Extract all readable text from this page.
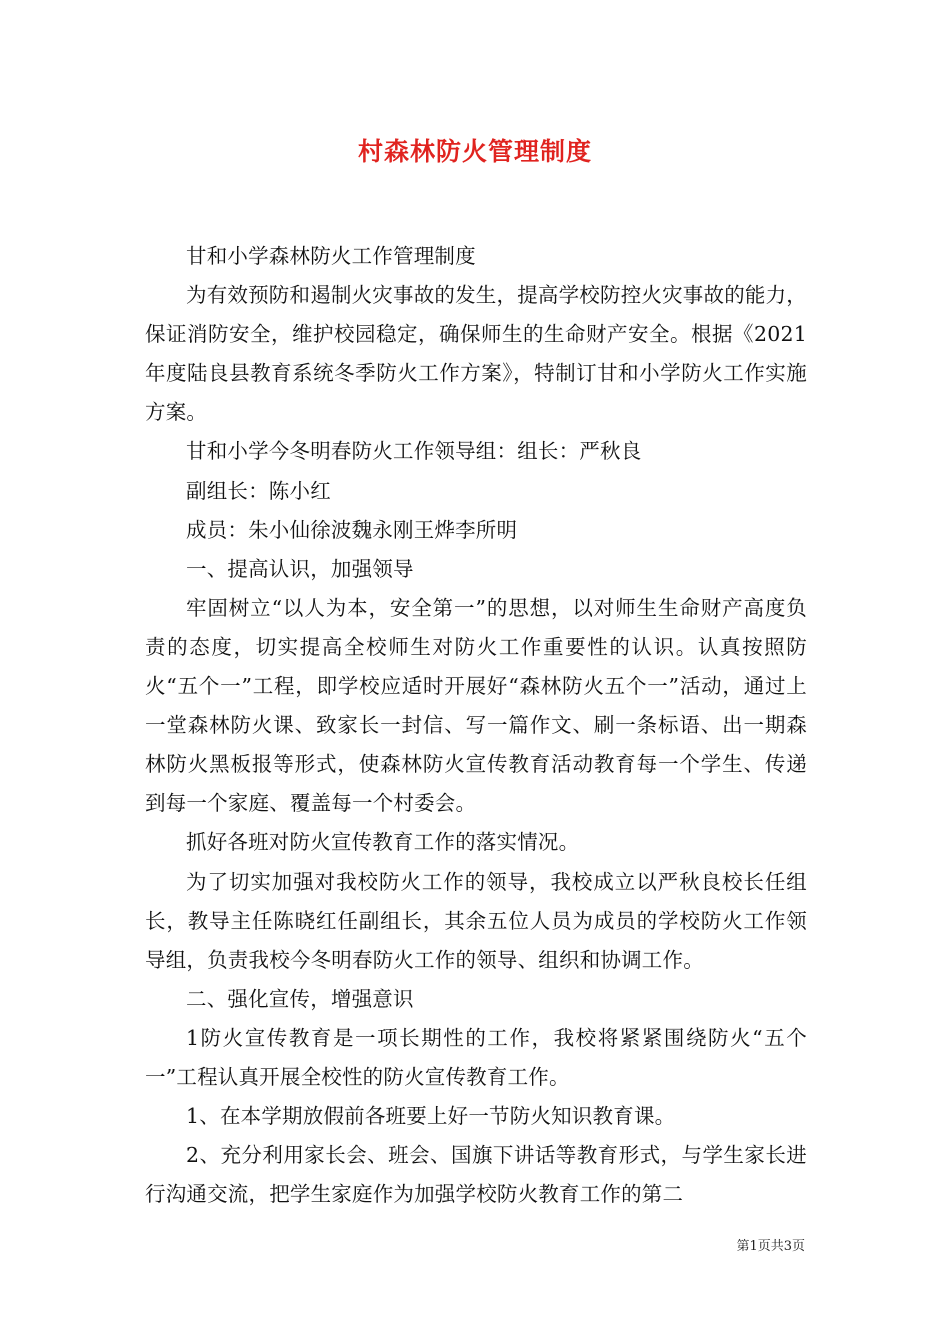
村森林防火管理制度

甘和小学森林防火工作管理制度

为有效预防和遏制火灾事故的发生，提高学校防控火灾事故的能力，保证消防安全，维护校园稳定，确保师生的生命财产安全。根据《2021年度陆良县教育系统冬季防火工作方案》，特制订甘和小学防火工作实施方案。

甘和小学今冬明春防火工作领导组：组长：严秋良

副组长：陈小红

成员：朱小仙徐波魏永刚王烨李所明

一、提高认识，加强领导

牢固树立“以人为本，安全第一”的思想，以对师生生命财产高度负责的态度，切实提高全校师生对防火工作重要性的认识。认真按照防火“五个一”工程，即学校应适时开展好“森林防火五个一”活动，通过上一堂森林防火课、致家长一封信、写一篇作文、刷一条标语、出一期森林防火黑板报等形式，使森林防火宣传教育活动教育每一个学生、传递到每一个家庭、覆盖每一个村委会。

抓好各班对防火宣传教育工作的落实情况。

为了切实加强对我校防火工作的领导，我校成立以严秋良校长任组长，教导主任陈晓红任副组长，其余五位人员为成员的学校防火工作领导组，负责我校今冬明春防火工作的领导、组织和协调工作。

二、强化宣传，增强意识

1防火宣传教育是一项长期性的工作，我校将紧紧围绕防火“五个一”工程认真开展全校性的防火宣传教育工作。

1、在本学期放假前各班要上好一节防火知识教育课。

2、充分利用家长会、班会、国旗下讲话等教育形式，与学生家长进行沟通交流，把学生家庭作为加强学校防火教育工作的第二

第1页共3页
